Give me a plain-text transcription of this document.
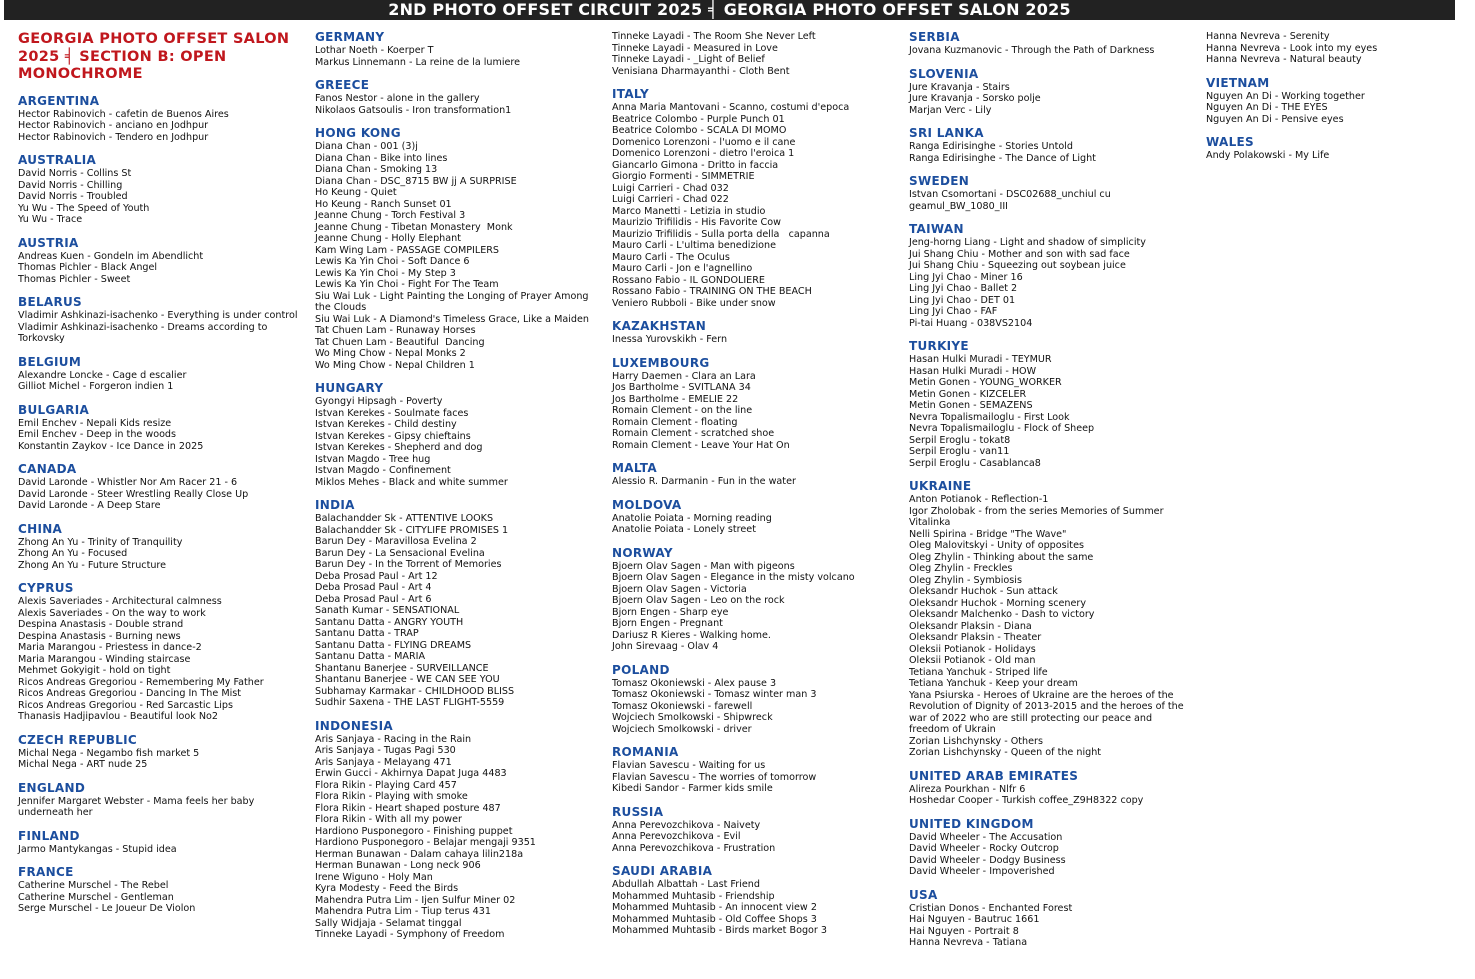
2ND PHOTO OFFSET CIRCUIT 2025 ╡ GEORGIA PHOTO OFFSET SALON 2025
GEORGIA PHOTO OFFSET SALON 2025 ╡ SECTION B: OPEN MONOCHROME
ARGENTINA
Hector Rabinovich - cafetin de Buenos Aires
Hector Rabinovich - anciano en Jodhpur
Hector Rabinovich - Tendero en Jodhpur
AUSTRALIA
David Norris - Collins St
David Norris - Chilling
David Norris - Troubled
Yu Wu - The Speed of Youth
Yu Wu - Trace
AUSTRIA
Andreas Kuen - Gondeln im Abendlicht
Thomas Pichler - Black Angel
Thomas Pichler - Sweet
BELARUS
Vladimir Ashkinazi-isachenko - Everything is under control
Vladimir Ashkinazi-isachenko - Dreams according to Torkovsky
BELGIUM
Alexandre Loncke - Cage d escalier
Gilliot Michel - Forgeron indien 1
BULGARIA
Emil Enchev - Nepali Kids resize
Emil Enchev - Deep in the woods
Konstantin Zaykov - Ice Dance in 2025
CANADA
David Laronde - Whistler Nor Am Racer 21 - 6
David Laronde - Steer Wrestling Really Close Up
David Laronde - A Deep Stare
CHINA
Zhong An Yu - Trinity of Tranquility
Zhong An Yu - Focused
Zhong An Yu - Future Structure
CYPRUS
Alexis Saveriades - Architectural calmness
Alexis Saveriades - On the way to work
Despina Anastasis - Double strand
Despina Anastasis - Burning news
Maria Marangou - Priestess in dance-2
Maria Marangou - Winding staircase
Mehmet Gokyigit - hold on tight
Ricos Andreas Gregoriou - Remembering My Father
Ricos Andreas Gregoriou - Dancing In The Mist
Ricos Andreas Gregoriou - Red Sarcastic Lips
Thanasis Hadjipavlou - Beautiful look No2
CZECH REPUBLIC
Michal Nega - Negambo fish market 5
Michal Nega - ART nude 25
ENGLAND
Jennifer Margaret Webster - Mama feels her baby underneath her
FINLAND
Jarmo Mantykangas - Stupid idea
FRANCE
Catherine Murschel - The Rebel
Catherine Murschel - Gentleman
Serge Murschel - Le Joueur De Violon
GERMANY
Lothar Noeth - Koerper T
Markus Linnemann - La reine de la lumiere
GREECE
Fanos Nestor - alone in the gallery
Nikolaos Gatsoulis - Iron transformation1
HONG KONG
Diana Chan - 001 (3)j
Diana Chan - Bike into lines
Diana Chan - Smoking 13
Diana Chan - DSC_8715 BW jj A SURPRISE
Ho Keung - Quiet
Ho Keung - Ranch Sunset 01
Jeanne Chung - Torch Festival 3
Jeanne Chung - Tibetan Monastery  Monk
Jeanne Chung - Holly Elephant
Kam Wing Lam - PASSAGE COMPILERS
Lewis Ka Yin Choi - Soft Dance 6
Lewis Ka Yin Choi - My Step 3
Lewis Ka Yin Choi - Fight For The Team
Siu Wai Luk - Light Painting the Longing of Prayer Among the Clouds
Siu Wai Luk - A Diamond's Timeless Grace, Like a Maiden
Tat Chuen Lam - Runaway Horses
Tat Chuen Lam - Beautiful  Dancing
Wo Ming Chow - Nepal Monks 2
Wo Ming Chow - Nepal Children 1
HUNGARY
Gyongyi Hipsagh - Poverty
Istvan Kerekes - Soulmate faces
Istvan Kerekes - Child destiny
Istvan Kerekes - Gipsy chieftains
Istvan Kerekes - Shepherd and dog
Istvan Magdo - Tree hug
Istvan Magdo - Confinement
Miklos Mehes - Black and white summer
INDIA
Balachandder Sk - ATTENTIVE LOOKS
Balachandder Sk - CITYLIFE PROMISES 1
Barun Dey - Maravillosa Evelina 2
Barun Dey - La Sensacional Evelina
Barun Dey - In the Torrent of Memories
Deba Prosad Paul - Art 12
Deba Prosad Paul - Art 4
Deba Prosad Paul - Art 6
Sanath Kumar - SENSATIONAL
Santanu Datta - ANGRY YOUTH
Santanu Datta - TRAP
Santanu Datta - FLYING DREAMS
Santanu Datta - MARIA
Shantanu Banerjee - SURVEILLANCE
Shantanu Banerjee - WE CAN SEE YOU
Subhamay Karmakar - CHILDHOOD BLISS
Sudhir Saxena - THE LAST FLIGHT-5559
INDONESIA
Aris Sanjaya - Racing in the Rain
Aris Sanjaya - Tugas Pagi 530
Aris Sanjaya - Melayang 471
Erwin Gucci - Akhirnya Dapat Juga 4483
Flora Rikin - Playing Card 457
Flora Rikin - Playing with smoke
Flora Rikin - Heart shaped posture 487
Flora Rikin - With all my power
Hardiono Pusponegoro - Finishing puppet
Hardiono Pusponegoro - Belajar mengaji 9351
Herman Bunawan - Dalam cahaya lilin218a
Herman Bunawan - Long neck 906
Irene Wiguno - Holy Man
Kyra Modesty - Feed the Birds
Mahendra Putra Lim - Ijen Sulfur Miner 02
Mahendra Putra Lim - Tiup terus 431
Sally Widjaja - Selamat tinggal
Tinneke Layadi - Symphony of Freedom
Tinneke Layadi - The Room She Never Left
Tinneke Layadi - Measured in Love
Tinneke Layadi - _Light of Belief
Venisiana Dharmayanthi - Cloth Bent
ITALY
Anna Maria Mantovani - Scanno, costumi d'epoca
Beatrice Colombo - Purple Punch 01
Beatrice Colombo - SCALA DI MOMO
Domenico Lorenzoni - l'uomo e il cane
Domenico Lorenzoni - dietro l'eroica 1
Giancarlo Gimona - Dritto in faccia
Giorgio Formenti - SIMMETRIE
Luigi Carrieri - Chad 032
Luigi Carrieri - Chad 022
Marco Manetti - Letizia in studio
Maurizio Trifilidis - His Favorite Cow
Maurizio Trifilidis - Sulla porta della   capanna
Mauro Carli - L'ultima benedizione
Mauro Carli - The Oculus
Mauro Carli - Jon e l'agnellino
Rossano Fabio - IL GONDOLIERE
Rossano Fabio - TRAINING ON THE BEACH
Veniero Rubboli - Bike under snow
KAZAKHSTAN
Inessa Yurovskikh - Fern
LUXEMBOURG
Harry Daemen - Clara an Lara
Jos Bartholme - SVITLANA 34
Jos Bartholme - EMELIE 22
Romain Clement - on the line
Romain Clement - floating
Romain Clement - scratched shoe
Romain Clement - Leave Your Hat On
MALTA
Alessio R. Darmanin - Fun in the water
MOLDOVA
Anatolie Poiata - Morning reading
Anatolie Poiata - Lonely street
NORWAY
Bjoern Olav Sagen - Man with pigeons
Bjoern Olav Sagen - Elegance in the misty volcano
Bjoern Olav Sagen - Victoria
Bjoern Olav Sagen - Leo on the rock
Bjorn Engen - Sharp eye
Bjorn Engen - Pregnant
Dariusz R Kieres - Walking home.
John Sirevaag - Olav 4
POLAND
Tomasz Okoniewski - Alex pause 3
Tomasz Okoniewski - Tomasz winter man 3
Tomasz Okoniewski - farewell
Wojciech Smolkowski - Shipwreck
Wojciech Smolkowski - driver
ROMANIA
Flavian Savescu - Waiting for us
Flavian Savescu - The worries of tomorrow
Kibedi Sandor - Farmer kids smile
RUSSIA
Anna Perevozchikova - Naivety
Anna Perevozchikova - Evil
Anna Perevozchikova - Frustration
SAUDI ARABIA
Abdullah Albattah - Last Friend
Mohammed Muhtasib - Friendship
Mohammed Muhtasib - An innocent view 2
Mohammed Muhtasib - Old Coffee Shops 3
Mohammed Muhtasib - Birds market Bogor 3
SERBIA
Jovana Kuzmanovic - Through the Path of Darkness
SLOVENIA
Jure Kravanja - Stairs
Jure Kravanja - Sorsko polje
Marjan Verc - Lily
SRI LANKA
Ranga Edirisinghe - Stories Untold
Ranga Edirisinghe - The Dance of Light
SWEDEN
Istvan Csomortani - DSC02688_unchiul cu geamul_BW_1080_III
TAIWAN
Jeng-horng Liang - Light and shadow of simplicity
Jui Shang Chiu - Mother and son with sad face
Jui Shang Chiu - Squeezing out soybean juice
Ling Jyi Chao - Miner 16
Ling Jyi Chao - Ballet 2
Ling Jyi Chao - DET 01
Ling Jyi Chao - FAF
Pi-tai Huang - 038VS2104
TURKIYE
Hasan Hulki Muradi - TEYMUR
Hasan Hulki Muradi - HOW
Metin Gonen - YOUNG_WORKER
Metin Gonen - KIZCELER
Metin Gonen - SEMAZENS
Nevra Topalismailoglu - First Look
Nevra Topalismailoglu - Flock of Sheep
Serpil Eroglu - tokat8
Serpil Eroglu - van11
Serpil Eroglu - Casablanca8
UKRAINE
Anton Potianok - Reflection-1
Igor Zholobak - from the series Memories of Summer Vitalinka
Nelli Spirina - Bridge "The Wave"
Oleg Malovitskyi - Unity of opposites
Oleg Zhylin - Thinking about the same
Oleg Zhylin - Freckles
Oleg Zhylin - Symbiosis
Oleksandr Huchok - Sun attack
Oleksandr Huchok - Morning scenery
Oleksandr Malchenko - Dash to victory
Oleksandr Plaksin - Diana
Oleksandr Plaksin - Theater
Oleksii Potianok - Holidays
Oleksii Potianok - Old man
Tetiana Yanchuk - Striped life
Tetiana Yanchuk - Keep your dream
Yana Psiurska - Heroes of Ukraine are the heroes of the Revolution of Dignity of 2013-2015 and the heroes of the war of 2022 who are still protecting our peace and freedom of Ukrain
Zorian Lishchynsky - Others
Zorian Lishchynsky - Queen of the night
UNITED ARAB EMIRATES
Alireza Pourkhan - Nlfr 6
Hoshedar Cooper - Turkish coffee_Z9H8322 copy
UNITED KINGDOM
David Wheeler - The Accusation
David Wheeler - Rocky Outcrop
David Wheeler - Dodgy Business
David Wheeler - Impoverished
USA
Cristian Donos - Enchanted Forest
Hai Nguyen - Bautruc 1661
Hai Nguyen - Portrait 8
Hanna Nevreva - Tatiana
Hanna Nevreva - Serenity
Hanna Nevreva - Look into my eyes
Hanna Nevreva - Natural beauty
VIETNAM
Nguyen An Di - Working together
Nguyen An Di - THE EYES
Nguyen An Di - Pensive eyes
WALES
Andy Polakowski - My Life
